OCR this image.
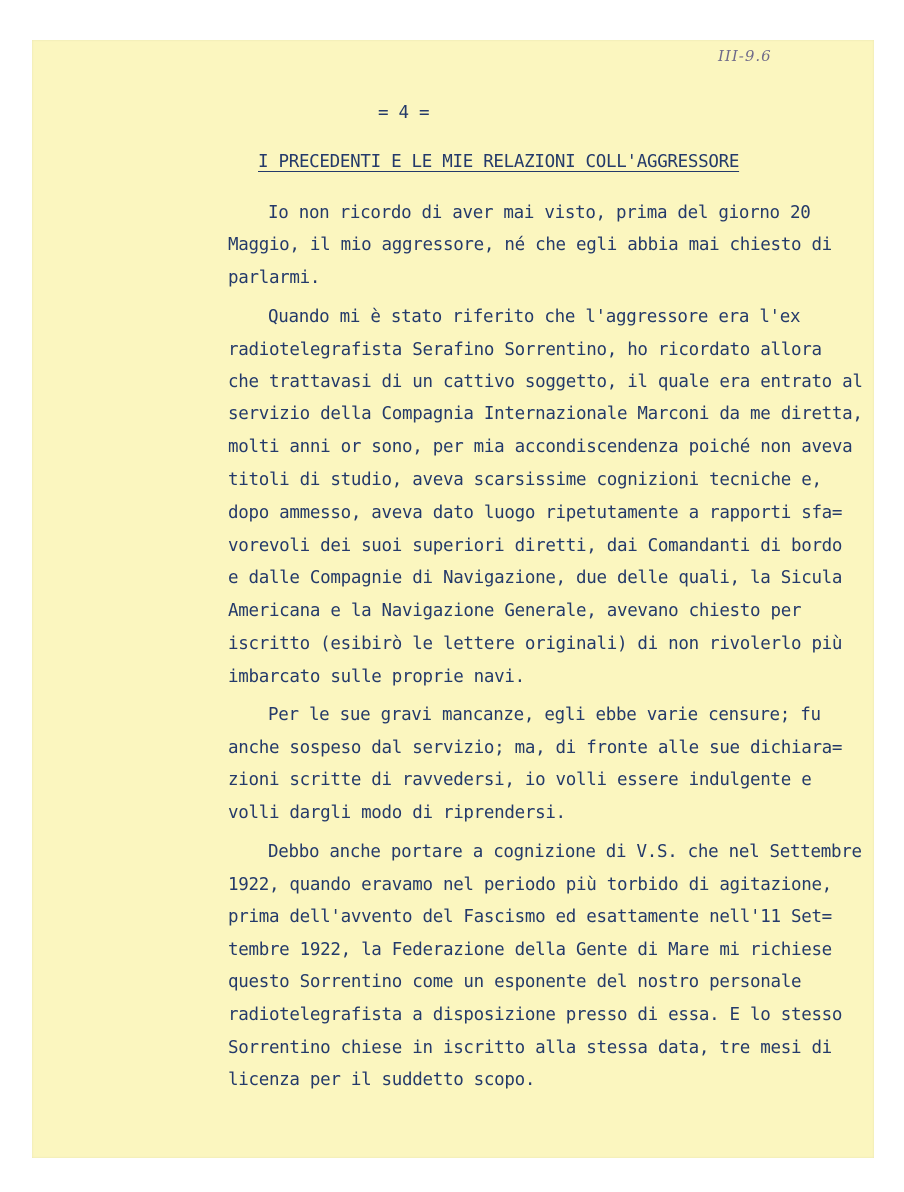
III-9.6
= 4 =
I PRECEDENTI E LE MIE RELAZIONI COLL'AGGRESSORE
Io non ricordo di aver mai visto, prima del giorno 20
Maggio, il mio aggressore, né che egli abbia mai chiesto di
parlarmi.
Quando mi è stato riferito che l'aggressore era l'ex
radiotelegrafista Serafino Sorrentino, ho ricordato allora
che trattavasi di un cattivo soggetto, il quale era entrato al
servizio della Compagnia Internazionale Marconi da me diretta,
molti anni or sono, per mia accondiscendenza poiché non aveva
titoli di studio, aveva scarsissime cognizioni tecniche e,
dopo ammesso, aveva dato luogo ripetutamente a rapporti sfa=
vorevoli dei suoi superiori diretti, dai Comandanti di bordo
e dalle Compagnie di Navigazione, due delle quali, la Sicula
Americana e la Navigazione Generale, avevano chiesto per
iscritto (esibirò le lettere originali) di non rivolerlo più
imbarcato sulle proprie navi.
Per le sue gravi mancanze, egli ebbe varie censure; fu
anche sospeso dal servizio; ma, di fronte alle sue dichiara=
zioni scritte di ravvedersi, io volli essere indulgente e
volli dargli modo di riprendersi.
Debbo anche portare a cognizione di V.S. che nel Settembre
1922, quando eravamo nel periodo più torbido di agitazione,
prima dell'avvento del Fascismo ed esattamente nell'11 Set=
tembre 1922, la Federazione della Gente di Mare mi richiese
questo Sorrentino come un esponente del nostro personale
radiotelegrafista a disposizione presso di essa. E lo stesso
Sorrentino chiese in iscritto alla stessa data, tre mesi di
licenza per il suddetto scopo.
